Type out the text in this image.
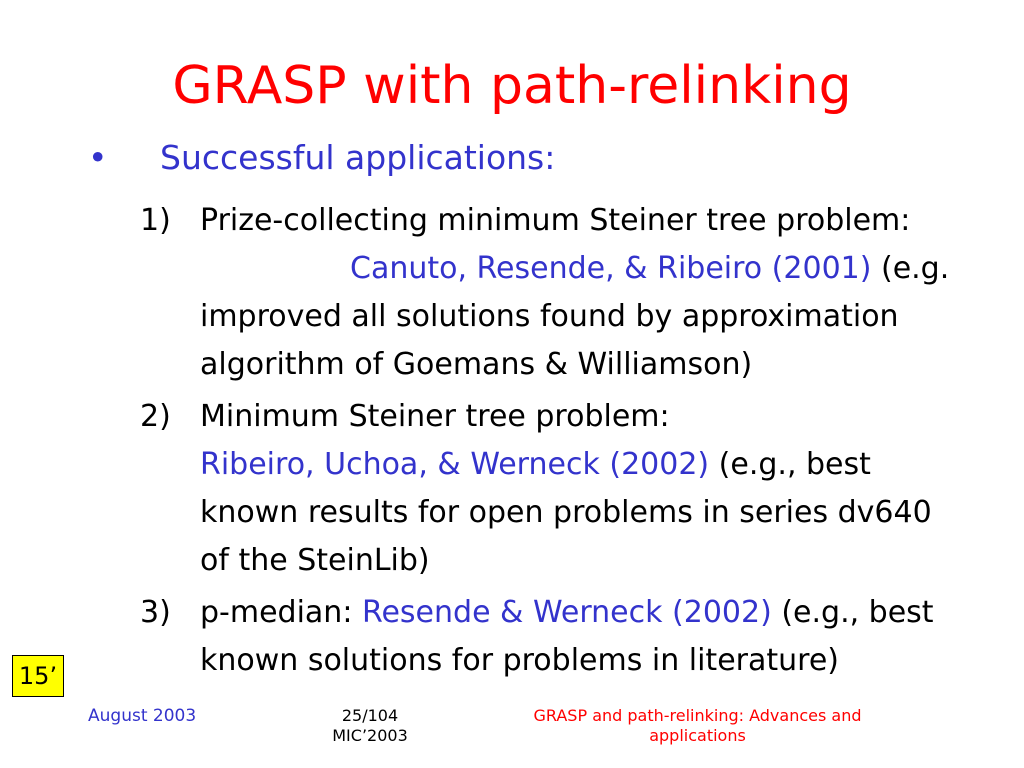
GRASP with path-relinking
• Successful applications:
1) Prize-collecting minimum Steiner tree problem:Canuto, Resende, & Ribeiro (2001) (e.g. improved all solutions found by approximation algorithm of Goemans & Williamson)
2) Minimum Steiner tree problem:
Ribeiro, Uchoa, & Werneck (2002) (e.g., best known results for open problems in series dv640 of the SteinLib)
3) p-median: Resende & Werneck (2002) (e.g., best known solutions for problems in literature)
15’
August 2003	25/104
MIC’2003
GRASP and path-relinking: Advances and applications
